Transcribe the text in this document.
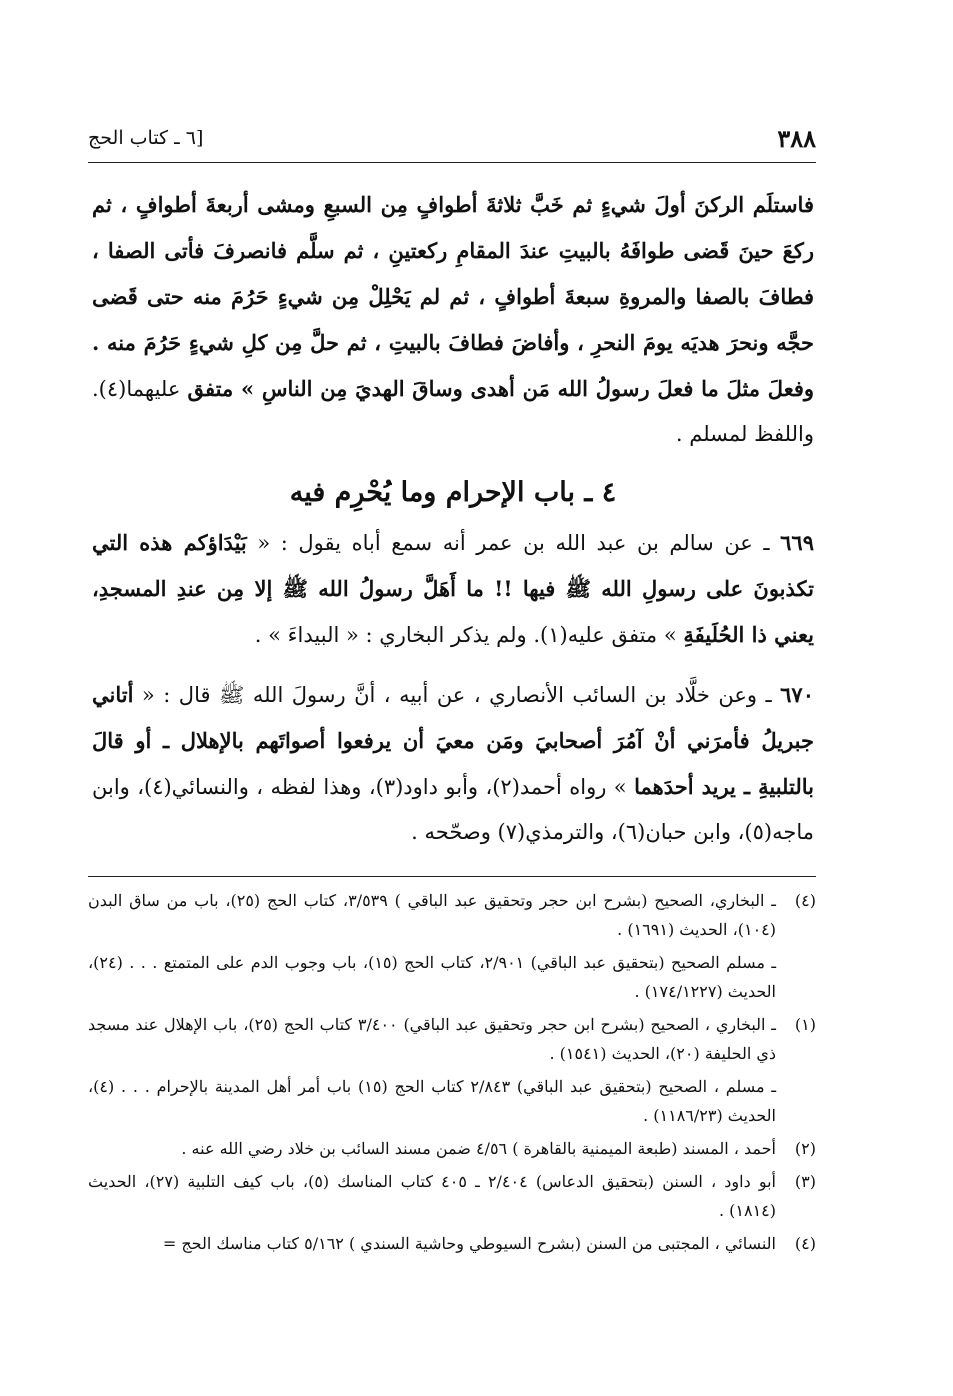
٣٨٨
[٦ ـ كتاب الحج

فاستلَم الركنَ أولَ شيءٍ ثم خَبَّ ثلاثةَ أطوافٍ مِن السبعِ ومشى أربعةَ أطوافٍ ، ثم ركعَ حينَ قَضى طوافَهُ بالبيتِ عندَ المقامِ ركعتينِ ، ثم سلَّم فانصرفَ فأتى الصفا ، فطافَ بالصفا والمروةِ سبعةَ أطوافٍ ، ثم لم يَحْلِلْ مِن شيءٍ حَرُمَ منه حتى قَضى حجَّه ونحرَ هديَه يومَ النحرِ ، وأفاضَ فطافَ بالبيتِ ، ثم حلَّ مِن كلِ شيءٍ حَرُمَ منه . وفعلَ مثلَ ما فعلَ رسولُ الله مَن أهدى وساقَ الهديَ مِن الناسِ » متفق عليهما(٤). واللفظ لمسلم .

٤ ـ باب الإحرام وما يُحْرِم فيه

٦٦٩ ـ عن سالم بن عبد الله بن عمر أنه سمع أباه يقول : « بَيْدَاؤكم هذه التي تكذبونَ على رسولِ الله ﷺ فيها !! ما أَهَلَّ رسولُ الله ﷺ إلا مِن عندِ المسجدِ، يعني ذا الحُلَيفَةِ » متفق عليه(١). ولم يذكر البخاري : « البيداءَ » .

٦٧٠ ـ وعن خلَّاد بن السائب الأنصاري ، عن أبيه ، أنَّ رسولَ الله ﷺ قال : « أتاني جبريلُ فأمرَني أنْ آمُرَ أصحابيَ ومَن معيَ أن يرفعوا أصواتَهم بالإهلال ـ أو قالَ بالتلبيةِ ـ يريد أحدَهما » رواه أحمد(٢)، وأبو داود(٣)، وهذا لفظه ، والنسائي(٤)، وابن ماجه(٥)، وابن حبان(٦)، والترمذي(٧) وصحّحه .

(٤)
ـ البخاري، الصحيح (بشرح ابن حجر وتحقيق عبد الباقي ) ٣/٥٣٩، كتاب الحج (٢٥)، باب من ساق البدن (١٠٤)، الحديث (١٦٩١) .
ـ مسلم الصحيح (بتحقيق عبد الباقي) ٢/٩٠١، كتاب الحج (١٥)، باب وجوب الدم على المتمتع . . . (٢٤)، الحديث (١٧٤/١٢٢٧) .
(١)
ـ البخاري ، الصحيح (بشرح ابن حجر وتحقيق عبد الباقي) ٣/٤٠٠ كتاب الحج (٢٥)، باب الإهلال عند مسجد ذي الحليفة (٢٠)، الحديث (١٥٤١) .
ـ مسلم ، الصحيح (بتحقيق عبد الباقي) ٢/٨٤٣ كتاب الحج (١٥) باب أمر أهل المدينة بالإحرام . . . (٤)، الحديث (١١٨٦/٢٣) .
(٢)
أحمد ، المسند (طبعة الميمنية بالقاهرة ) ٤/٥٦ ضمن مسند السائب بن خلاد رضي الله عنه .
(٣)
أبو داود ، السنن (بتحقيق الدعاس) ٢/٤٠٤ ـ ٤٠٥ كتاب المناسك (٥)، باب كيف التلبية (٢٧)، الحديث (١٨١٤) .
(٤)
النسائي ، المجتبى من السنن (بشرح السيوطي وحاشية السندي ) ٥/١٦٢ كتاب مناسك الحج =
